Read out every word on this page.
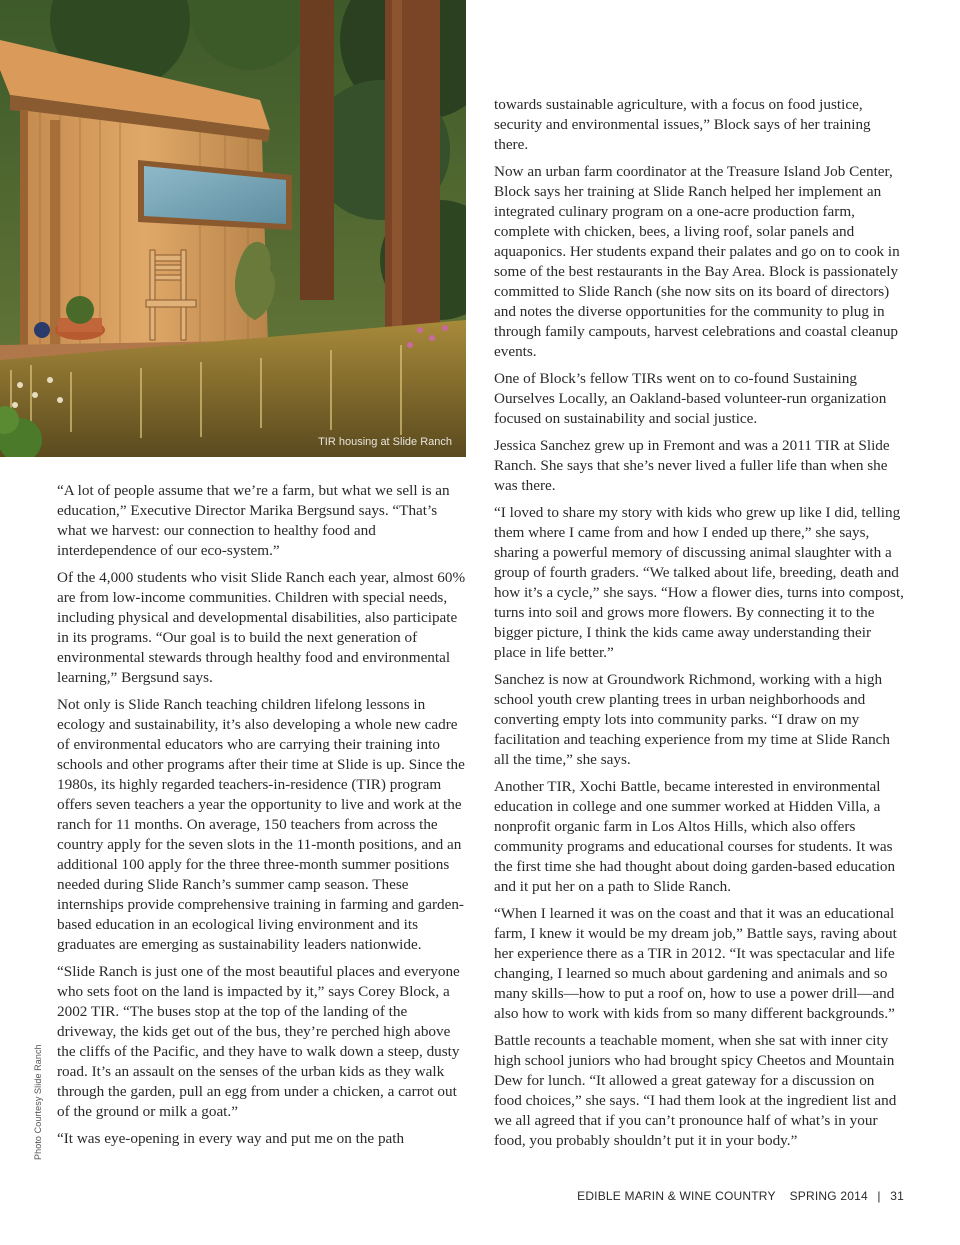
TIR housing at Slide Ranch
Photo Courtesy Slide Ranch

“A lot of people assume that we’re a farm, but what we sell is an education,” Executive Director Marika Bergsund says. “That’s what we harvest: our connection to healthy food and interdependence of our eco-system.”

Of the 4,000 students who visit Slide Ranch each year, almost 60% are from low-income communities. Children with special needs, including physical and developmental disabilities, also participate in its programs. “Our goal is to build the next generation of environmental stewards through healthy food and environmental learning,” Bergsund says.

Not only is Slide Ranch teaching children lifelong lessons in ecology and sustainability, it’s also developing a whole new cadre of environmental educators who are carrying their training into schools and other programs after their time at Slide is up. Since the 1980s, its highly regarded teachers-in-residence (TIR) program offers seven teachers a year the opportunity to live and work at the ranch for 11 months. On average, 150 teachers from across the country apply for the seven slots in the 11-month positions, and an additional 100 apply for the three three-month summer positions needed during Slide Ranch’s summer camp season. These internships provide comprehensive training in farming and garden-based education in an ecological living environment and its graduates are emerging as sustainability leaders nationwide.

“Slide Ranch is just one of the most beautiful places and everyone who sets foot on the land is impacted by it,” says Corey Block, a 2002 TIR. “The buses stop at the top of the landing of the driveway, the kids get out of the bus, they’re perched high above the cliffs of the Pacific, and they have to walk down a steep, dusty road. It’s an assault on the senses of the urban kids as they walk through the garden, pull an egg from under a chicken, a carrot out of the ground or milk a goat.”

“It was eye-opening in every way and put me on the path

towards sustainable agriculture, with a focus on food justice, security and environmental issues,” Block says of her training there.

Now an urban farm coordinator at the Treasure Island Job Center, Block says her training at Slide Ranch helped her implement an integrated culinary program on a one-acre production farm, complete with chicken, bees, a living roof, solar panels and aquaponics. Her students expand their palates and go on to cook in some of the best restaurants in the Bay Area. Block is passionately committed to Slide Ranch (she now sits on its board of directors) and notes the diverse opportunities for the community to plug in through family campouts, harvest celebrations and coastal cleanup events.

One of Block’s fellow TIRs went on to co-found Sustaining Ourselves Locally, an Oakland-based volunteer-run organization focused on sustainability and social justice.

Jessica Sanchez grew up in Fremont and was a 2011 TIR at Slide Ranch. She says that she’s never lived a fuller life than when she was there.

“I loved to share my story with kids who grew up like I did, telling them where I came from and how I ended up there,” she says, sharing a powerful memory of discussing animal slaughter with a group of fourth graders. “We talked about life, breeding, death and how it’s a cycle,” she says. “How a flower dies, turns into compost, turns into soil and grows more flowers. By connecting it to the bigger picture, I think the kids came away understanding their place in life better.”

Sanchez is now at Groundwork Richmond, working with a high school youth crew planting trees in urban neighborhoods and converting empty lots into community parks. “I draw on my facilitation and teaching experience from my time at Slide Ranch all the time,” she says.

Another TIR, Xochi Battle, became interested in environmental education in college and one summer worked at Hidden Villa, a nonprofit organic farm in Los Altos Hills, which also offers community programs and educational courses for students. It was the first time she had thought about doing garden-based education and it put her on a path to Slide Ranch.

“When I learned it was on the coast and that it was an educational farm, I knew it would be my dream job,” Battle says, raving about her experience there as a TIR in 2012. “It was spectacular and life changing, I learned so much about gardening and animals and so many skills—how to put a roof on, how to use a power drill—and also how to work with kids from so many different backgrounds.”

Battle recounts a teachable moment, when she sat with inner city high school juniors who had brought spicy Cheetos and Mountain Dew for lunch. “It allowed a great gateway for a discussion on food choices,” she says. “I had them look at the ingredient list and we all agreed that if you can’t pronounce half of what’s in your food, you probably shouldn’t put it in your body.”

EDIBLE MARIN & WINE COUNTRY SPRING 2014 | 31
